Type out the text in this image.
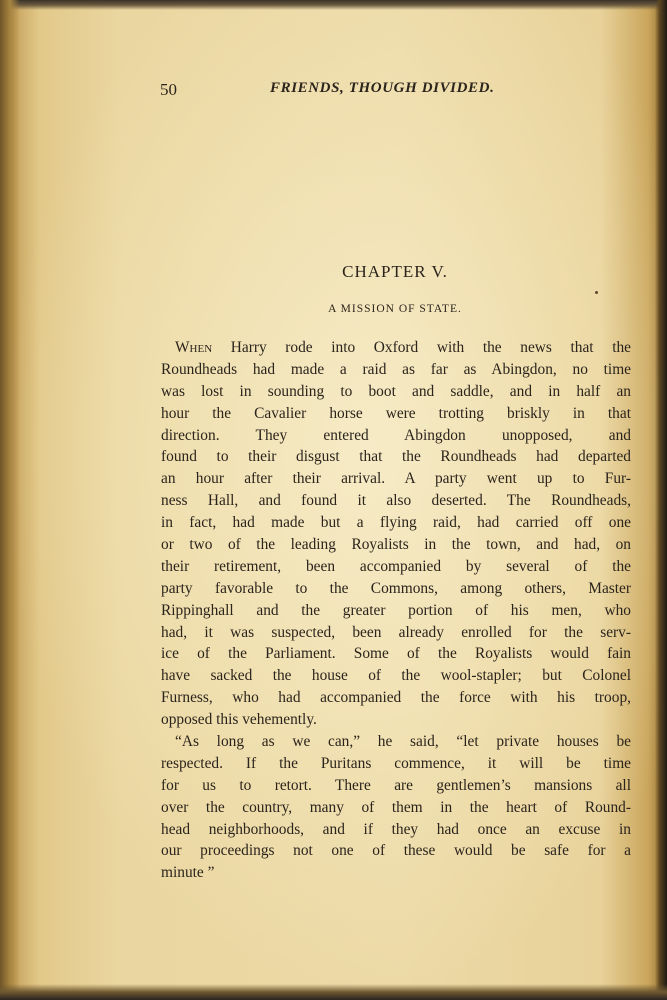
50	FRIENDS, THOUGH DIVIDED.
CHAPTER V.
A MISSION OF STATE.
When Harry rode into Oxford with the news that the
Roundheads had made a raid as far as Abingdon, no time
was lost in sounding to boot and saddle, and in half an
hour the Cavalier horse were trotting briskly in that
direction. They entered Abingdon unopposed, and
found to their disgust that the Roundheads had departed
an hour after their arrival. A party went up to Fur-
ness Hall, and found it also deserted. The Roundheads,
in fact, had made but a flying raid, had carried off one
or two of the leading Royalists in the town, and had, on
their retirement, been accompanied by several of the
party favorable to the Commons, among others, Master
Rippinghall and the greater portion of his men, who
had, it was suspected, been already enrolled for the serv-
ice of the Parliament. Some of the Royalists would fain
have sacked the house of the wool-stapler; but Colonel
Furness, who had accompanied the force with his troop,
opposed this vehemently.
“As long as we can,” he said, “let private houses be
respected. If the Puritans commence, it will be time
for us to retort. There are gentlemen’s mansions all
over the country, many of them in the heart of Round-
head neighborhoods, and if they had once an excuse in
our proceedings not one of these would be safe for a
minute ”
